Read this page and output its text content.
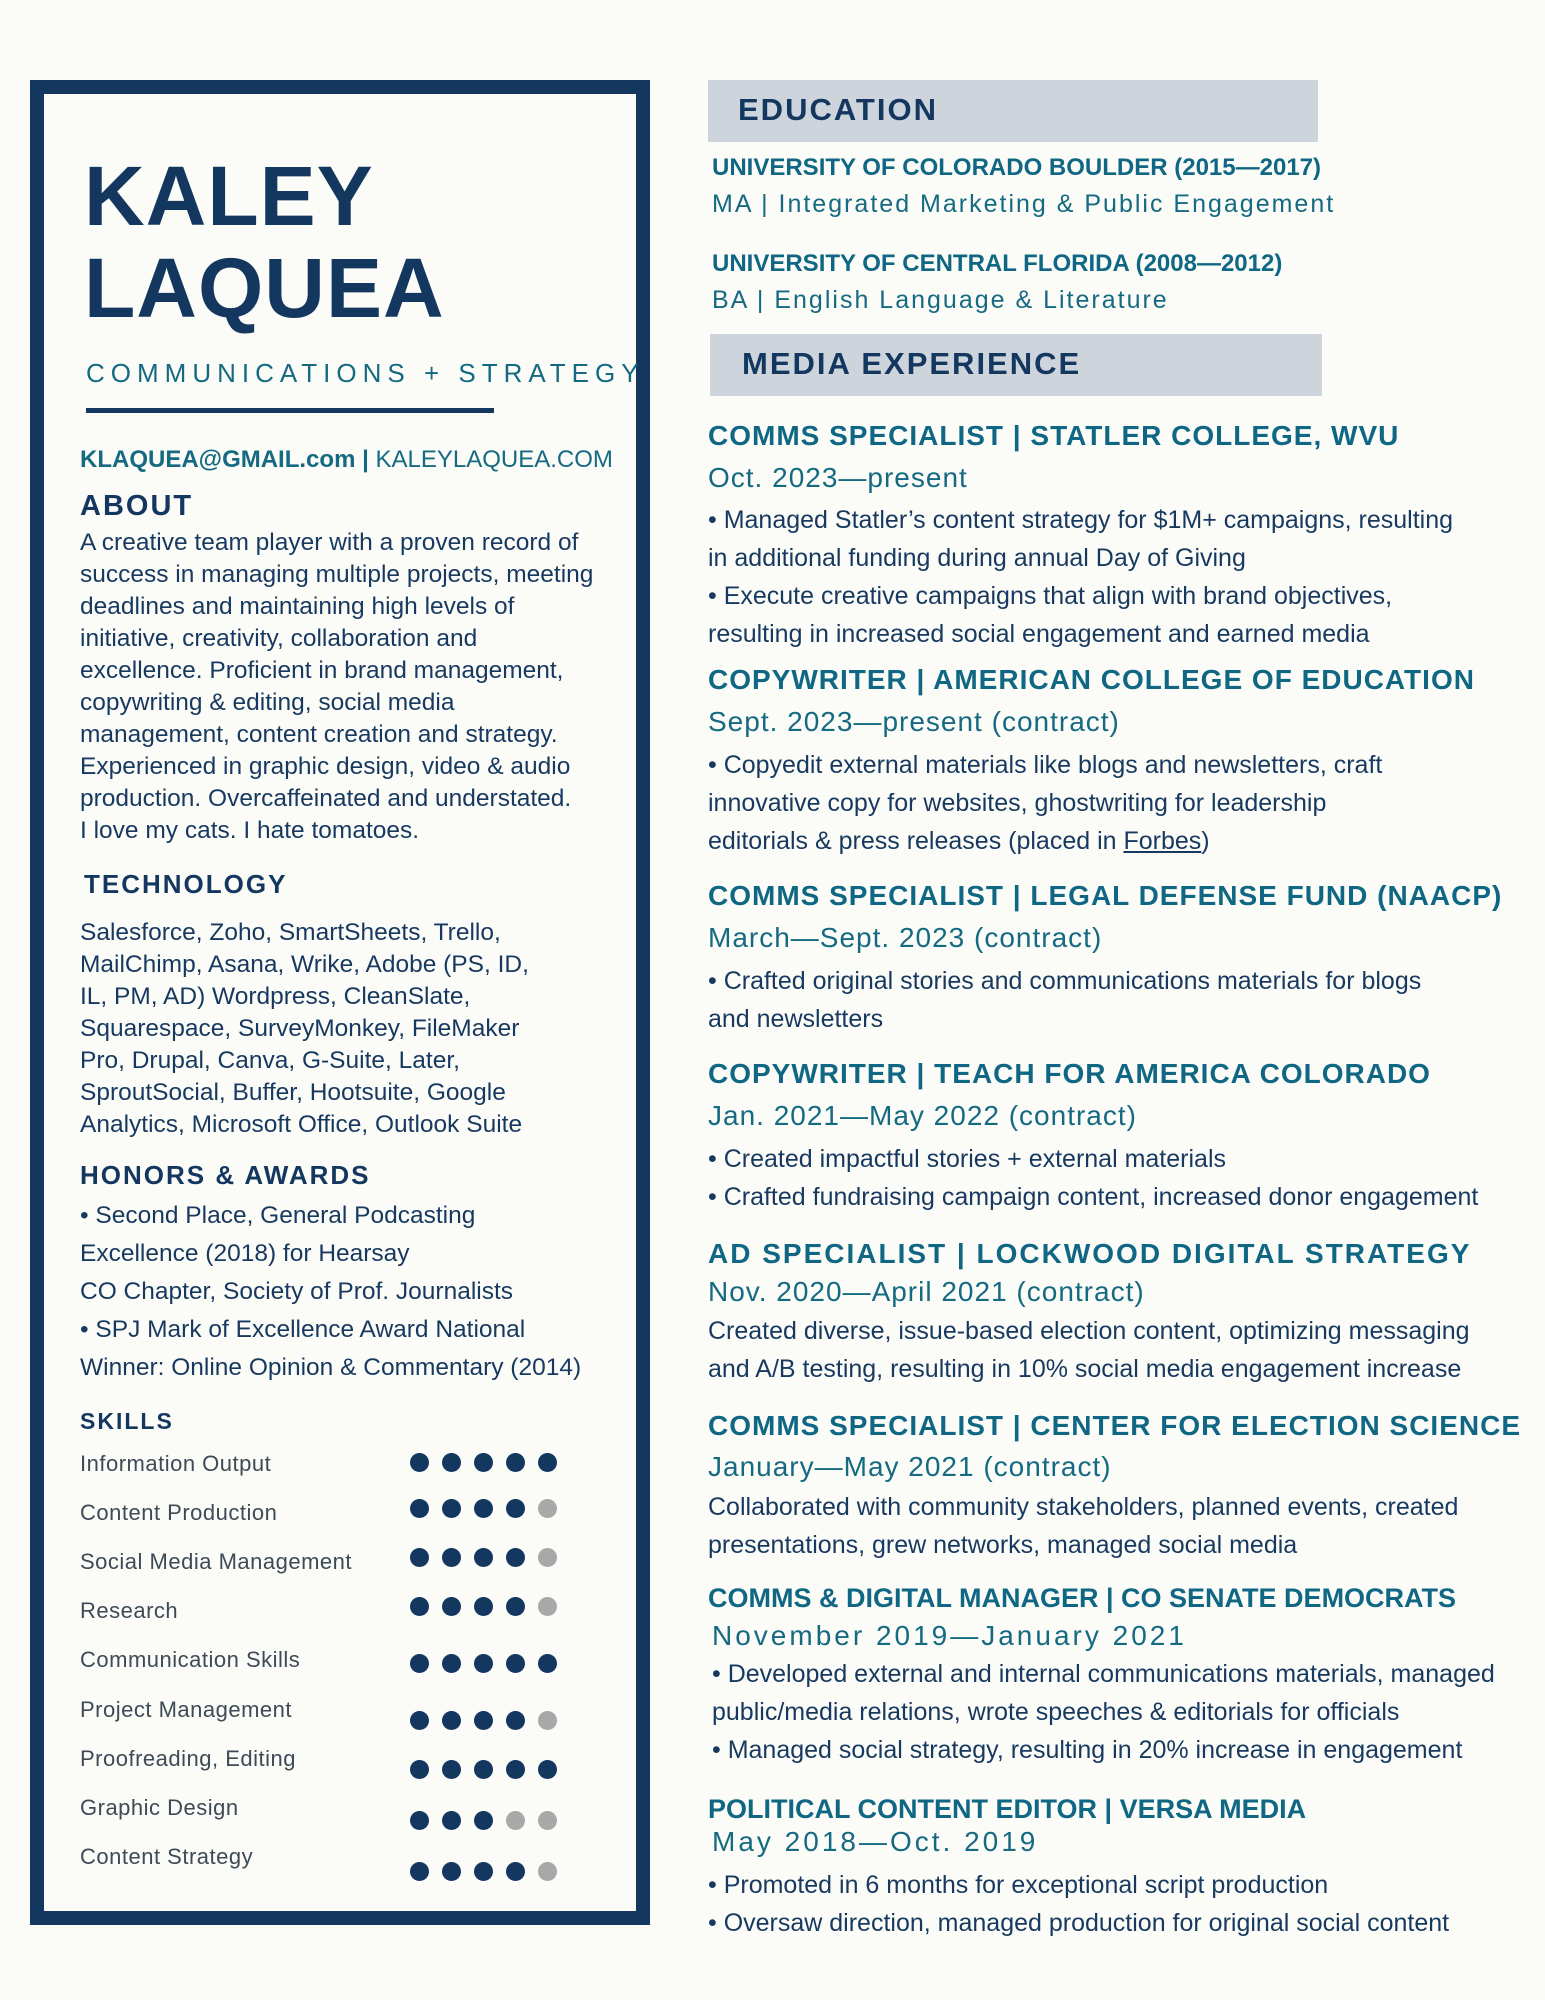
KALEY
LAQUEA
COMMUNICATIONS + STRATEGY
KLAQUEA@GMAIL.com | KALEYLAQUEA.COM
ABOUT
A creative team player with a proven record of
success in managing multiple projects, meeting
deadlines and maintaining high levels of
initiative, creativity, collaboration and
excellence. Proficient in brand management,
copywriting & editing, social media
management, content creation and strategy.
Experienced in graphic design, video & audio
production. Overcaffeinated and understated.
I love my cats. I hate tomatoes.
TECHNOLOGY
Salesforce, Zoho, SmartSheets, Trello,
MailChimp, Asana, Wrike, Adobe (PS, ID,
IL, PM, AD) Wordpress, CleanSlate,
Squarespace, SurveyMonkey, FileMaker
Pro, Drupal, Canva, G-Suite, Later,
SproutSocial, Buffer, Hootsuite, Google
Analytics, Microsoft Office, Outlook Suite
HONORS & AWARDS
• Second Place, General Podcasting
Excellence (2018) for Hearsay
CO Chapter, Society of Prof. Journalists
• SPJ Mark of Excellence Award National
Winner: Online Opinion & Commentary (2014)
SKILLS
Information Output
Content Production
Social Media Management
Research
Communication Skills
Project Management
Proofreading, Editing
Graphic Design
Content Strategy
EDUCATION
UNIVERSITY OF COLORADO BOULDER (2015—2017)
MA | Integrated Marketing & Public Engagement
UNIVERSITY OF CENTRAL FLORIDA (2008—2012)
BA | English Language & Literature
MEDIA EXPERIENCE
COMMS SPECIALIST | STATLER COLLEGE, WVU
Oct. 2023—present
• Managed Statler’s content strategy for $1M+ campaigns, resulting
in additional funding during annual Day of Giving
• Execute creative campaigns that align with brand objectives,
resulting in increased social engagement and earned media
COPYWRITER | AMERICAN COLLEGE OF EDUCATION
Sept. 2023—present (contract)
• Copyedit external materials like blogs and newsletters, craft
innovative copy for websites, ghostwriting for leadership
editorials & press releases (placed in Forbes)
COMMS SPECIALIST | LEGAL DEFENSE FUND (NAACP)
March—Sept. 2023 (contract)
• Crafted original stories and communications materials for blogs
and newsletters
COPYWRITER | TEACH FOR AMERICA COLORADO
Jan. 2021—May 2022 (contract)
• Created impactful stories + external materials
• Crafted fundraising campaign content, increased donor engagement
AD SPECIALIST | LOCKWOOD DIGITAL STRATEGY
Nov. 2020—April 2021 (contract)
Created diverse, issue-based election content, optimizing messaging
and A/B testing, resulting in 10% social media engagement increase
COMMS SPECIALIST | CENTER FOR ELECTION SCIENCE
January—May 2021 (contract)
Collaborated with community stakeholders, planned events, created
presentations, grew networks, managed social media
COMMS & DIGITAL MANAGER | CO SENATE DEMOCRATS
November 2019—January 2021
• Developed external and internal communications materials, managed
public/media relations, wrote speeches & editorials for officials
• Managed social strategy, resulting in 20% increase in engagement
POLITICAL CONTENT EDITOR | VERSA MEDIA
May 2018—Oct. 2019
• Promoted in 6 months for exceptional script production
• Oversaw direction, managed production for original social content
